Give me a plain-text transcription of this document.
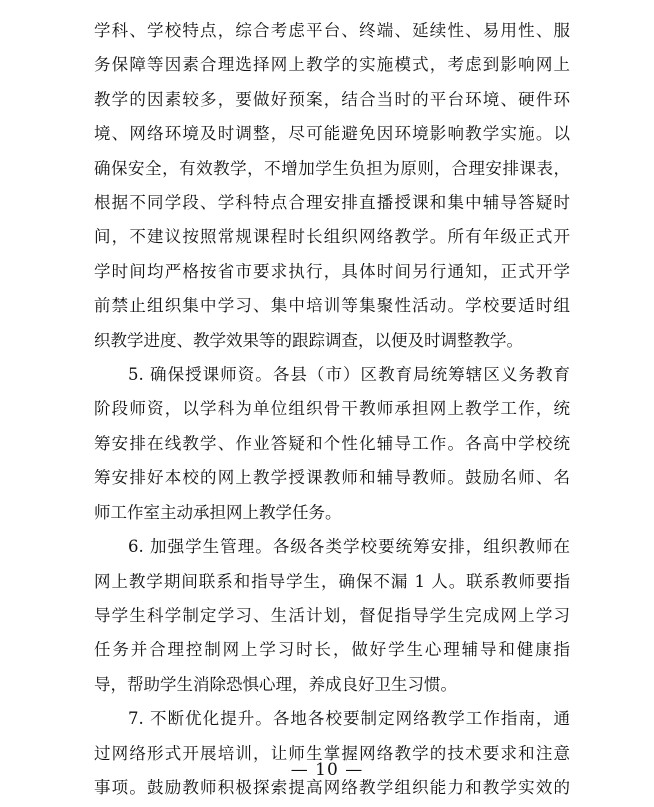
学科、学校特点，综合考虑平台、终端、延续性、易用性、服
务保障等因素合理选择网上教学的实施模式，考虑到影响网上
教学的因素较多，要做好预案，结合当时的平台环境、硬件环
境、网络环境及时调整，尽可能避免因环境影响教学实施。以
确保安全，有效教学，不增加学生负担为原则，合理安排课表，
根据不同学段、学科特点合理安排直播授课和集中辅导答疑时
间，不建议按照常规课程时长组织网络教学。所有年级正式开
学时间均严格按省市要求执行，具体时间另行通知，正式开学
前禁止组织集中学习、集中培训等集聚性活动。学校要适时组
织教学进度、教学效果等的跟踪调查，以便及时调整教学。
5. 确保授课师资。各县（市）区教育局统筹辖区义务教育
阶段师资，以学科为单位组织骨干教师承担网上教学工作，统
筹安排在线教学、作业答疑和个性化辅导工作。各高中学校统
筹安排好本校的网上教学授课教师和辅导教师。鼓励名师、名
师工作室主动承担网上教学任务。
6. 加强学生管理。各级各类学校要统筹安排，组织教师在
网上教学期间联系和指导学生，确保不漏 1 人。联系教师要指
导学生科学制定学习、生活计划，督促指导学生完成网上学习
任务并合理控制网上学习时长，做好学生心理辅导和健康指
导，帮助学生消除恐惧心理，养成良好卫生习惯。
7. 不断优化提升。各地各校要制定网络教学工作指南，通
过网络形式开展培训，让师生掌握网络教学的技术要求和注意
事项。鼓励教师积极探索提高网络教学组织能力和教学实效的
— 10 —
